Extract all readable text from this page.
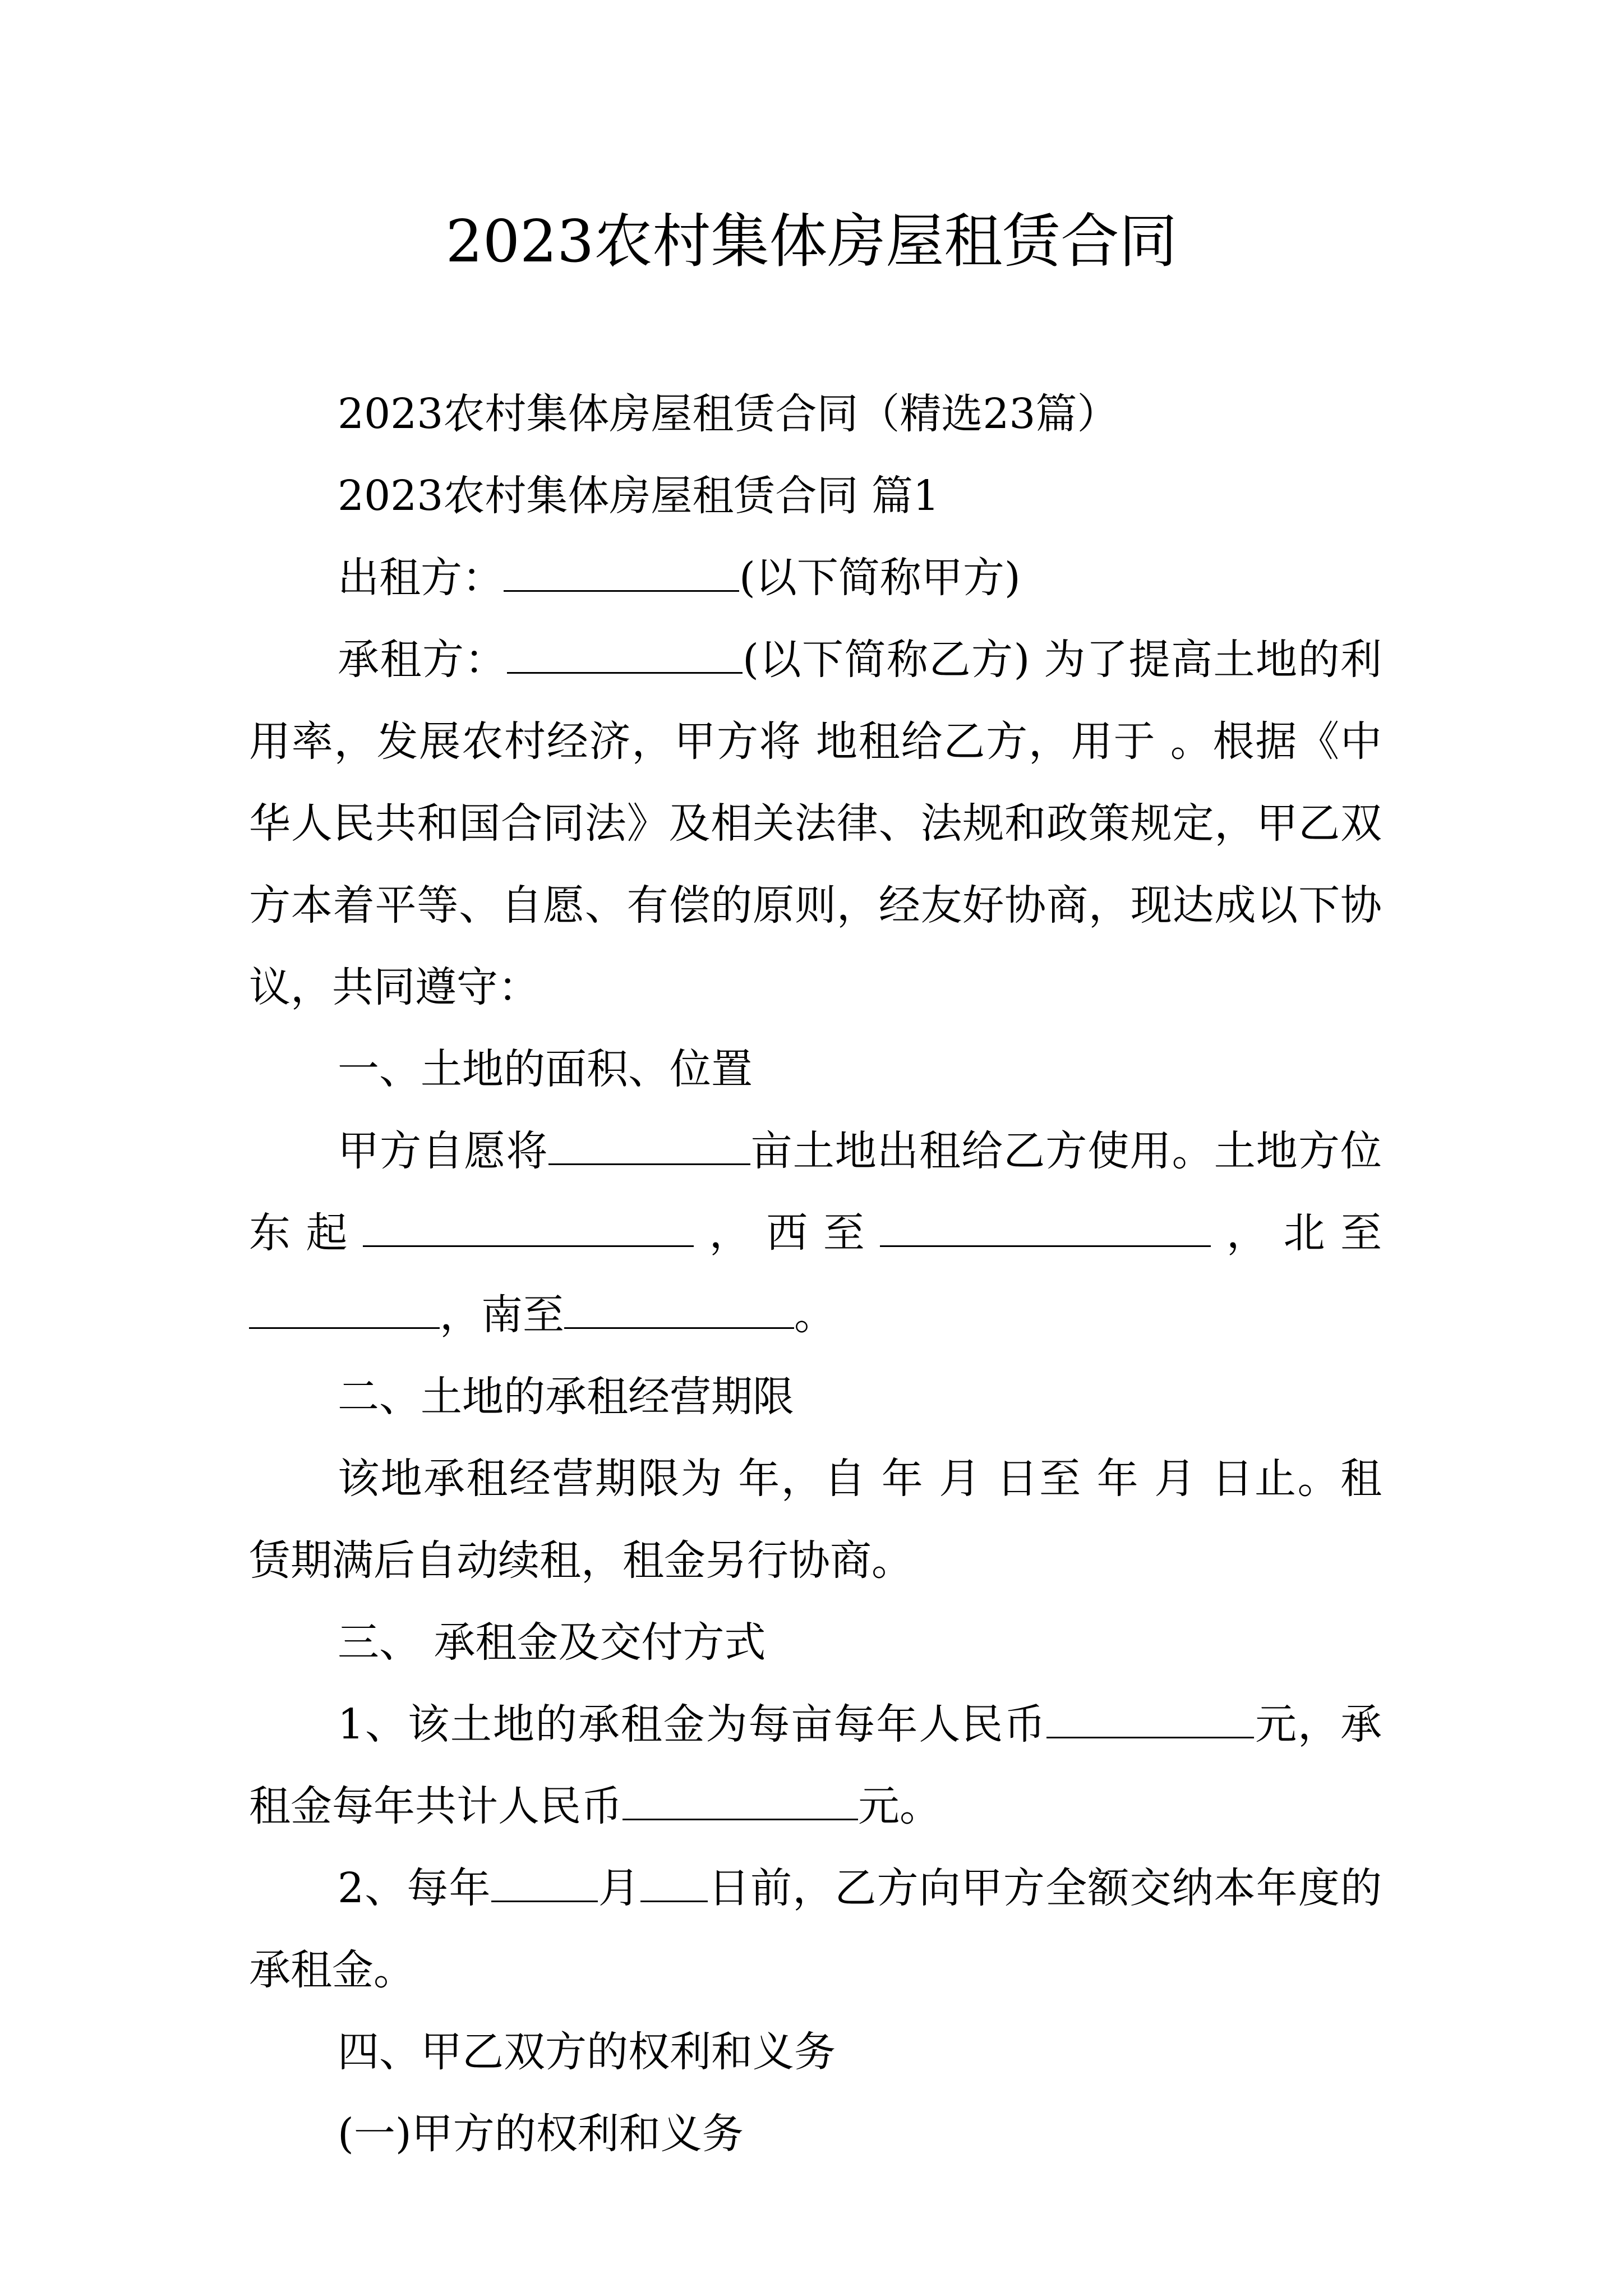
2023农村集体房屋租赁合同

2023农村集体房屋租赁合同（精选23篇）

2023农村集体房屋租赁合同 篇1

出租方：	(以下简称甲方)

承租方：	(以下简称乙方) 为了提高土地的利用率，发展农村经济，甲方将 地租给乙方，用于 。根据《中华人民共和国合同法》及相关法律、法规和政策规定，甲乙双方本着平等、自愿、有偿的原则，经友好协商，现达成以下协议，共同遵守：

一、土地的面积、位置

甲方自愿将	亩土地出租给乙方使用。土地方位东起	，西至	，北至，南至	。

二、土地的承租经营期限

该地承租经营期限为 年，自 年 月 日至 年 月 日止。租赁期满后自动续租，租金另行协商。

三、 承租金及交付方式

1、该土地的承租金为每亩每年人民币	元，承租金每年共计人民币	元。

2、每年	月 日前，乙方向甲方全额交纳本年度的承租金。

四、甲乙双方的权利和义务

(一)甲方的权利和义务
